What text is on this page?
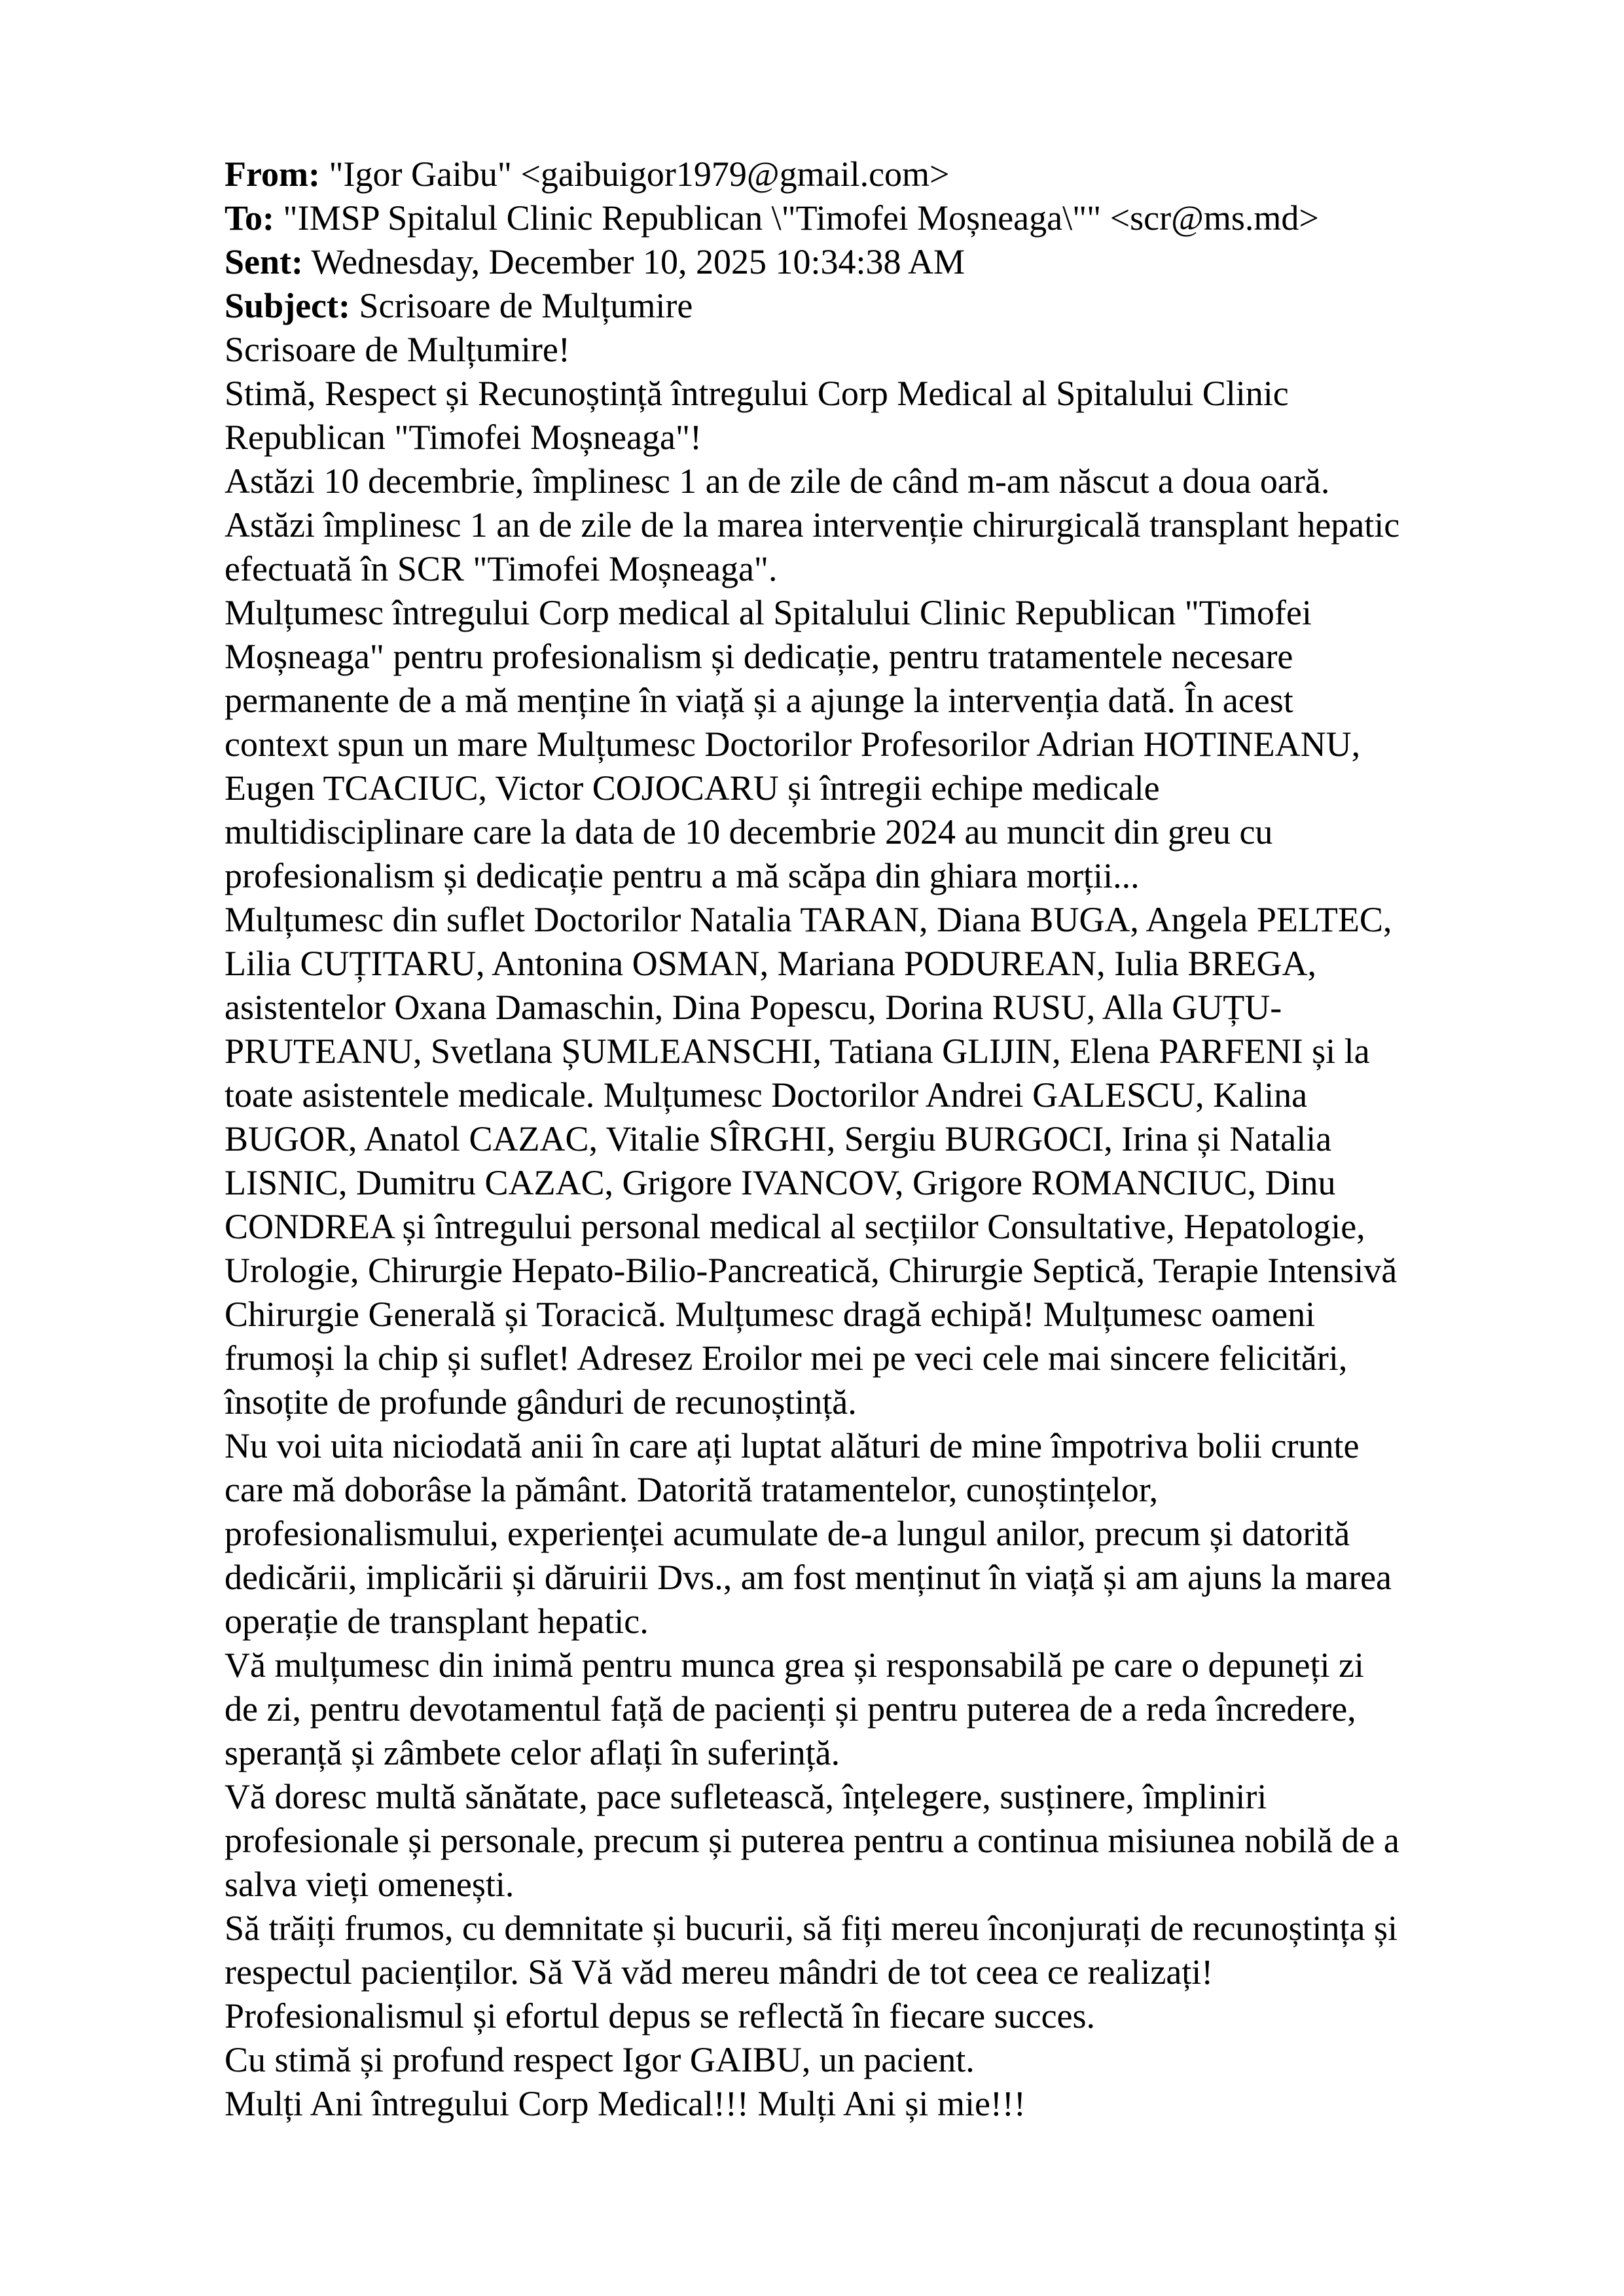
From: "Igor Gaibu" <gaibuigor1979@gmail.com>
To: "IMSP Spitalul Clinic Republican \"Timofei Moșneaga\"" <scr@ms.md>
Sent: Wednesday, December 10, 2025 10:34:38 AM
Subject: Scrisoare de Mulțumire
Scrisoare de Mulțumire!
Stimă, Respect și Recunoștință întregului Corp Medical al Spitalului Clinic
Republican "Timofei Moșneaga"!
Astăzi 10 decembrie, împlinesc 1 an de zile de când m-am născut a doua oară.
Astăzi împlinesc 1 an de zile de la marea intervenție chirurgicală transplant hepatic
efectuată în SCR "Timofei Moșneaga".
Mulțumesc întregului Corp medical al Spitalului Clinic Republican "Timofei
Moșneaga" pentru profesionalism și dedicație, pentru tratamentele necesare
permanente de a mă menține în viață și a ajunge la intervenția dată. În acest
context spun un mare Mulțumesc Doctorilor Profesorilor Adrian HOTINEANU,
Eugen TCACIUC, Victor COJOCARU și întregii echipe medicale
multidisciplinare care la data de 10 decembrie 2024 au muncit din greu cu
profesionalism și dedicație pentru a mă scăpa din ghiara morții...
Mulțumesc din suflet Doctorilor Natalia TARAN, Diana BUGA, Angela PELTEC,
Lilia CUȚITARU, Antonina OSMAN, Mariana PODUREAN, Iulia BREGA,
asistentelor Oxana Damaschin, Dina Popescu, Dorina RUSU, Alla GUȚU-
PRUTEANU, Svetlana ȘUMLEANSCHI, Tatiana GLIJIN, Elena PARFENI și la
toate asistentele medicale. Mulțumesc Doctorilor Andrei GALESCU, Kalina
BUGOR, Anatol CAZAC, Vitalie SÎRGHI, Sergiu BURGOCI, Irina și Natalia
LISNIC, Dumitru CAZAC, Grigore IVANCOV, Grigore ROMANCIUC, Dinu
CONDREA și întregului personal medical al secțiilor Consultative, Hepatologie,
Urologie, Chirurgie Hepato-Bilio-Pancreatică, Chirurgie Septică, Terapie Intensivă
Chirurgie Generală și Toracică. Mulțumesc dragă echipă! Mulțumesc oameni
frumoși la chip și suflet! Adresez Eroilor mei pe veci cele mai sincere felicitări,
însoțite de profunde gânduri de recunoștință.
Nu voi uita niciodată anii în care ați luptat alături de mine împotriva bolii crunte
care mă doborâse la pământ. Datorită tratamentelor, cunoștințelor,
profesionalismului, experienței acumulate de-a lungul anilor, precum și datorită
dedicării, implicării și dăruirii Dvs., am fost menținut în viață și am ajuns la marea
operație de transplant hepatic.
Vă mulțumesc din inimă pentru munca grea și responsabilă pe care o depuneți zi
de zi, pentru devotamentul față de pacienți și pentru puterea de a reda încredere,
speranță și zâmbete celor aflați în suferință.
Vă doresc multă sănătate, pace sufletească, înțelegere, susținere, împliniri
profesionale și personale, precum și puterea pentru a continua misiunea nobilă de a
salva vieți omenești.
Să trăiți frumos, cu demnitate și bucurii, să fiți mereu înconjurați de recunoștința și
respectul pacienților. Să Vă văd mereu mândri de tot ceea ce realizați!
Profesionalismul și efortul depus se reflectă în fiecare succes.
Cu stimă și profund respect Igor GAIBU, un pacient.
Mulți Ani întregului Corp Medical!!! Mulți Ani și mie!!!
